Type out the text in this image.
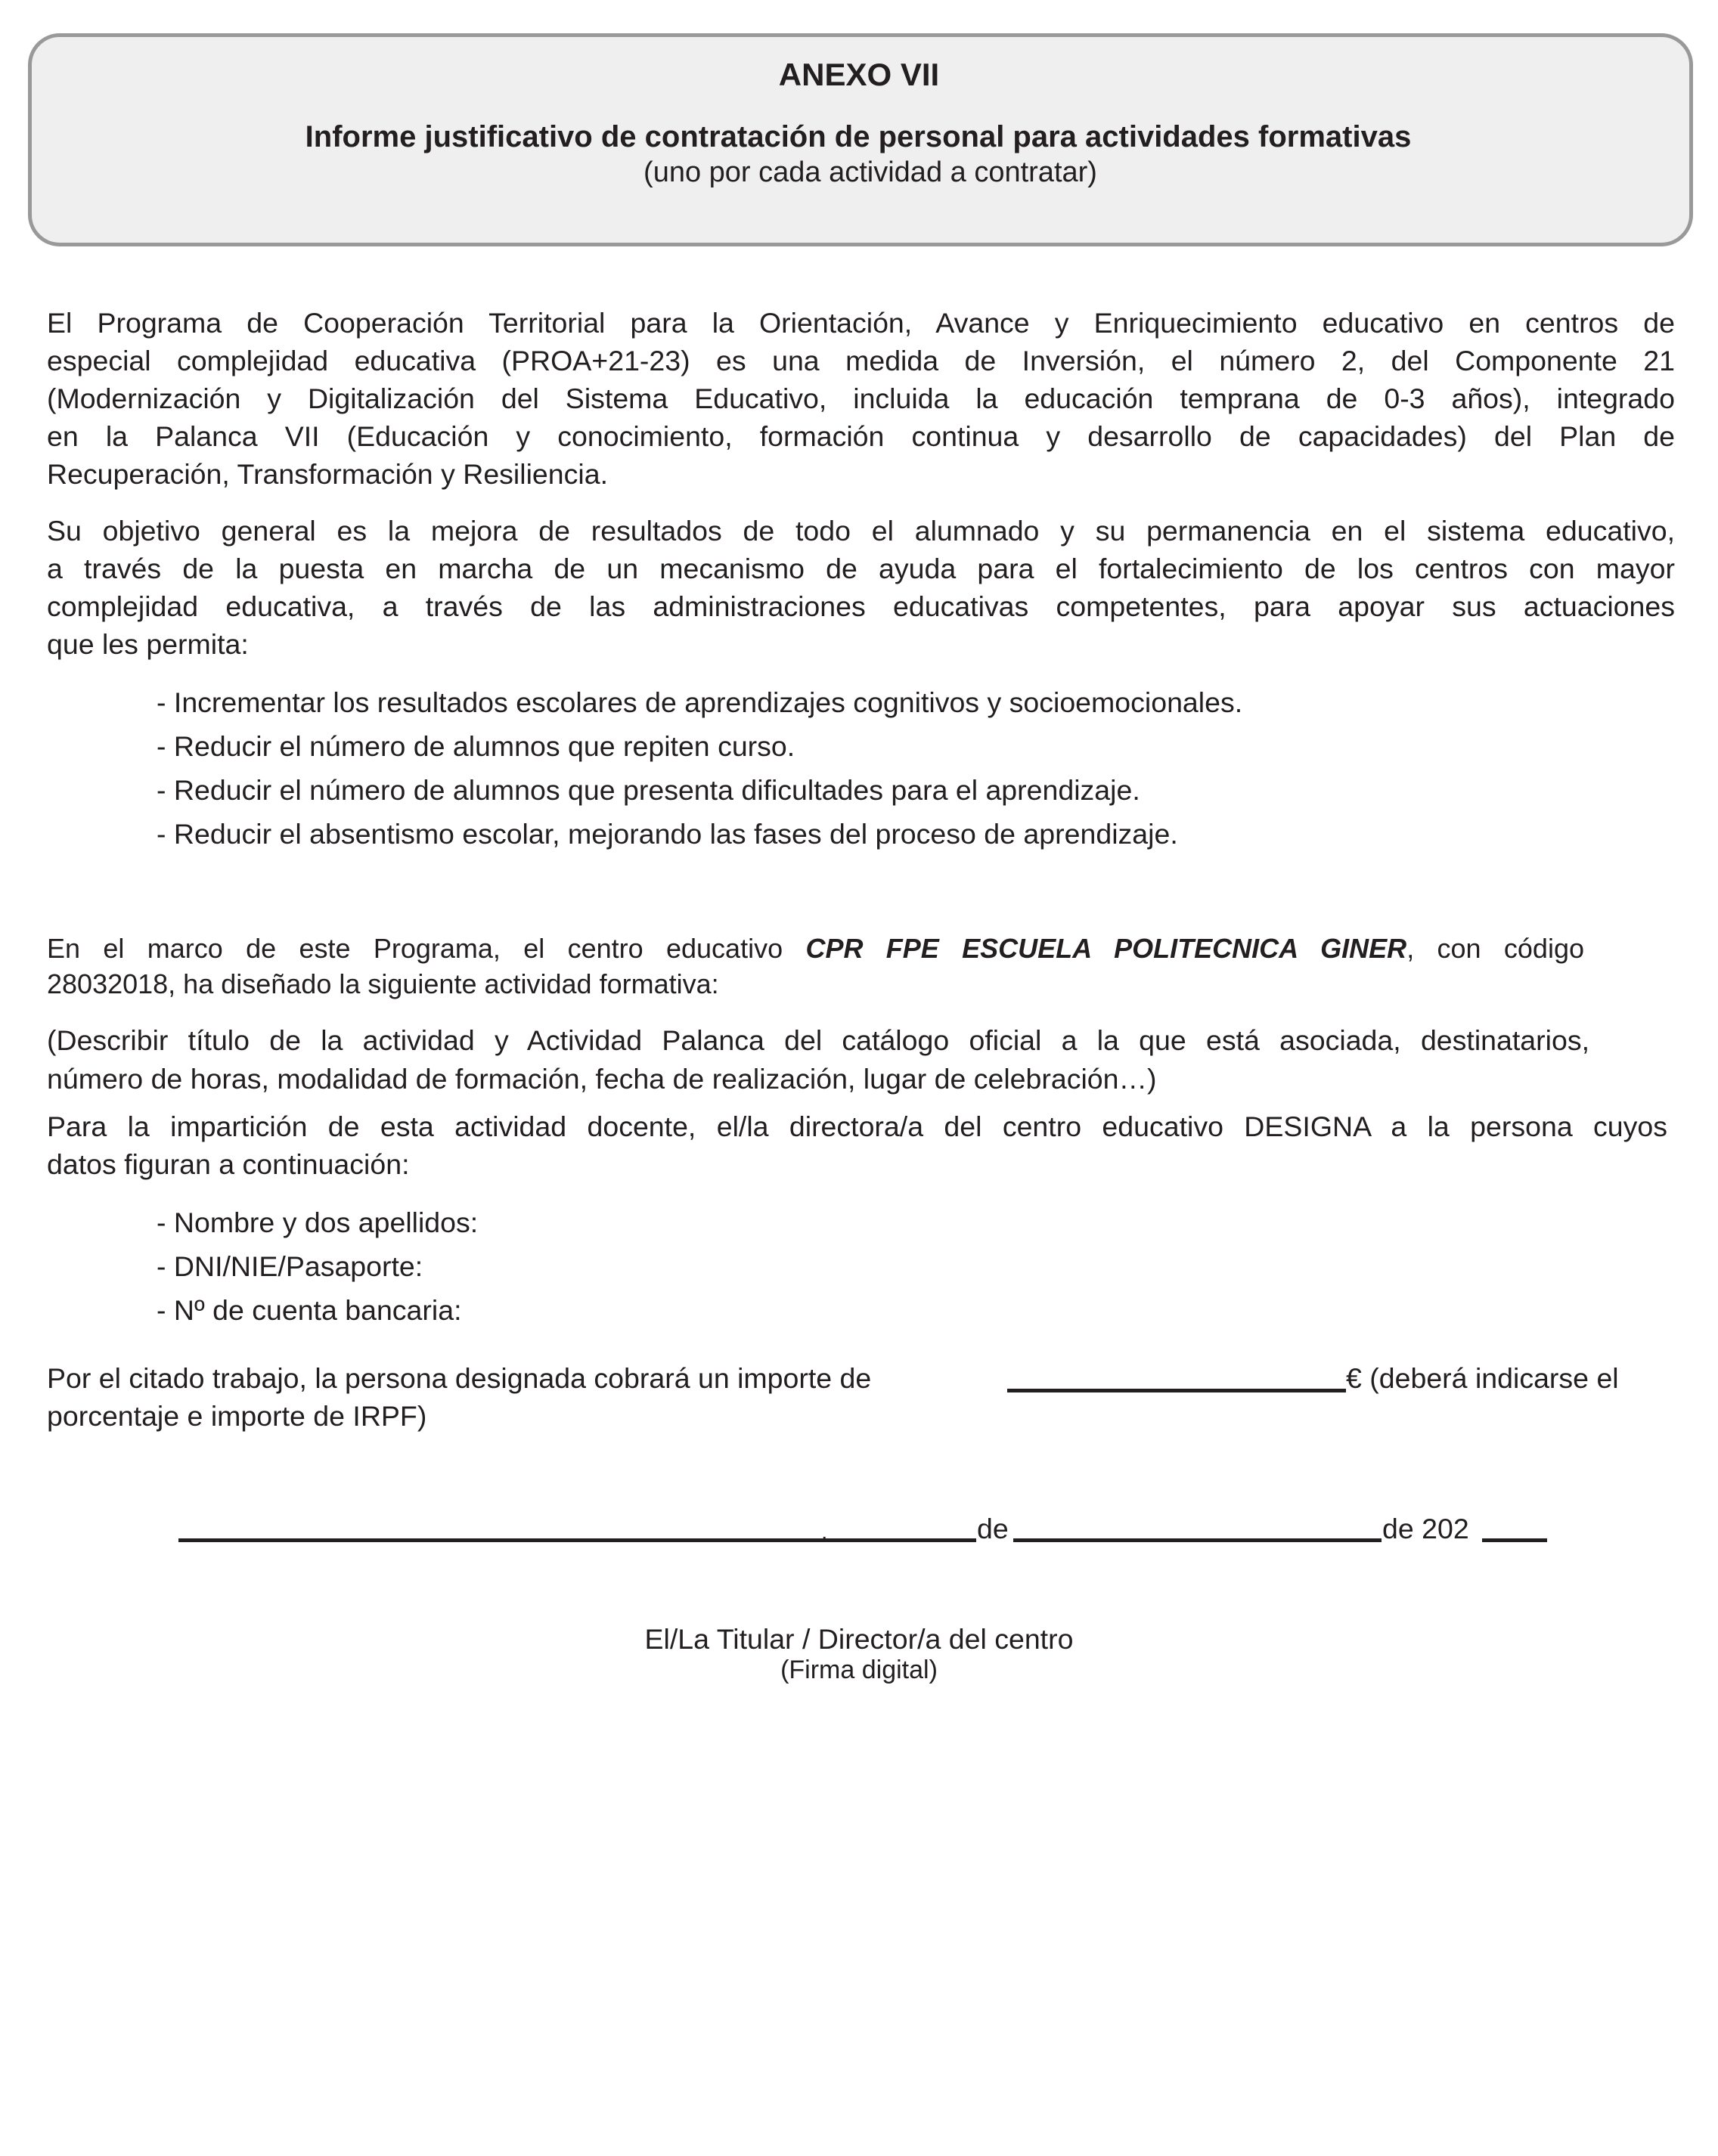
ANEXO VII
Informe justificativo de contratación de personal para actividades formativas
(uno por cada actividad a contratar)
El Programa de Cooperación Territorial para la Orientación, Avance y Enriquecimiento educativo en centros de
especial complejidad educativa (PROA+21-23) es una medida de Inversión, el número 2, del Componente 21
(Modernización y Digitalización del Sistema Educativo, incluida la educación temprana de 0-3 años), integrado
en la Palanca VII (Educación y conocimiento, formación continua y desarrollo de capacidades) del Plan de
Recuperación, Transformación y Resiliencia.
Su objetivo general es la mejora de resultados de todo el alumnado y su permanencia en el sistema educativo,
a través de la puesta en marcha de un mecanismo de ayuda para el fortalecimiento de los centros con mayor
complejidad educativa, a través de las administraciones educativas competentes, para apoyar sus actuaciones
que les permita:
- Incrementar los resultados escolares de aprendizajes cognitivos y socioemocionales.
- Reducir el número de alumnos que repiten curso.
- Reducir el número de alumnos que presenta dificultades para el aprendizaje.
- Reducir el absentismo escolar, mejorando las fases del proceso de aprendizaje.
En el marco de este Programa, el centro educativo CPR FPE ESCUELA POLITECNICA GINER, con código
28032018, ha diseñado la siguiente actividad formativa:
(Describir título de la actividad y Actividad Palanca del catálogo oficial a la que está asociada, destinatarios,
número de horas, modalidad de formación, fecha de realización, lugar de celebración…)
Para la impartición de esta actividad docente, el/la directora/a del centro educativo DESIGNA a la persona cuyos
datos figuran a continuación:
- Nombre y dos apellidos:
- DNI/NIE/Pasaporte:
- Nº de cuenta bancaria:
Por el citado trabajo, la persona designada cobrará un importe de	€ (deberá indicarse el
porcentaje e importe de IRPF)
,	de	de 202
El/La Titular / Director/a del centro
(Firma digital)
